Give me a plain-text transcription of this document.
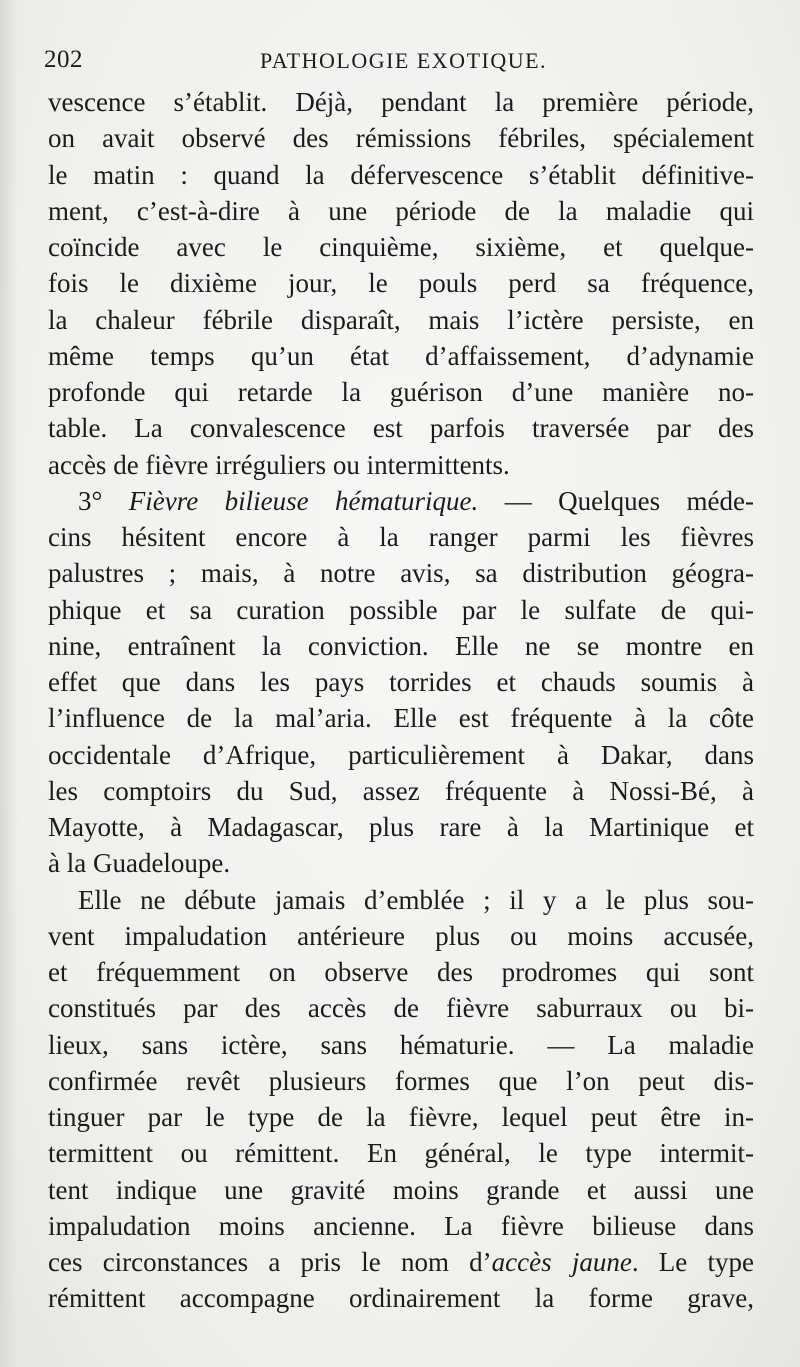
202	PATHOLOGIE EXOTIQUE.
vescence s’établit. Déjà, pendant la première période,
on avait observé des rémissions fébriles, spécialement
le matin : quand la défervescence s’établit définitive-
ment, c’est-à-dire à une période de la maladie qui
coïncide avec le cinquième, sixième, et quelque-
fois le dixième jour, le pouls perd sa fréquence,
la chaleur fébrile disparaît, mais l’ictère persiste, en
même temps qu’un état d’affaissement, d’adynamie
profonde qui retarde la guérison d’une manière no-
table. La convalescence est parfois traversée par des
accès de fièvre irréguliers ou intermittents.
3° Fièvre bilieuse hématurique. — Quelques méde-
cins hésitent encore à la ranger parmi les fièvres
palustres ; mais, à notre avis, sa distribution géogra-
phique et sa curation possible par le sulfate de qui-
nine, entraînent la conviction. Elle ne se montre en
effet que dans les pays torrides et chauds soumis à
l’influence de la mal’aria. Elle est fréquente à la côte
occidentale d’Afrique, particulièrement à Dakar, dans
les comptoirs du Sud, assez fréquente à Nossi-Bé, à
Mayotte, à Madagascar, plus rare à la Martinique et
à la Guadeloupe.
Elle ne débute jamais d’emblée ; il y a le plus sou-
vent impaludation antérieure plus ou moins accusée,
et fréquemment on observe des prodromes qui sont
constitués par des accès de fièvre saburraux ou bi-
lieux, sans ictère, sans hématurie. — La maladie
confirmée revêt plusieurs formes que l’on peut dis-
tinguer par le type de la fièvre, lequel peut être in-
termittent ou rémittent. En général, le type intermit-
tent indique une gravité moins grande et aussi une
impaludation moins ancienne. La fièvre bilieuse dans
ces circonstances a pris le nom d’accès jaune. Le type
rémittent accompagne ordinairement la forme grave,
